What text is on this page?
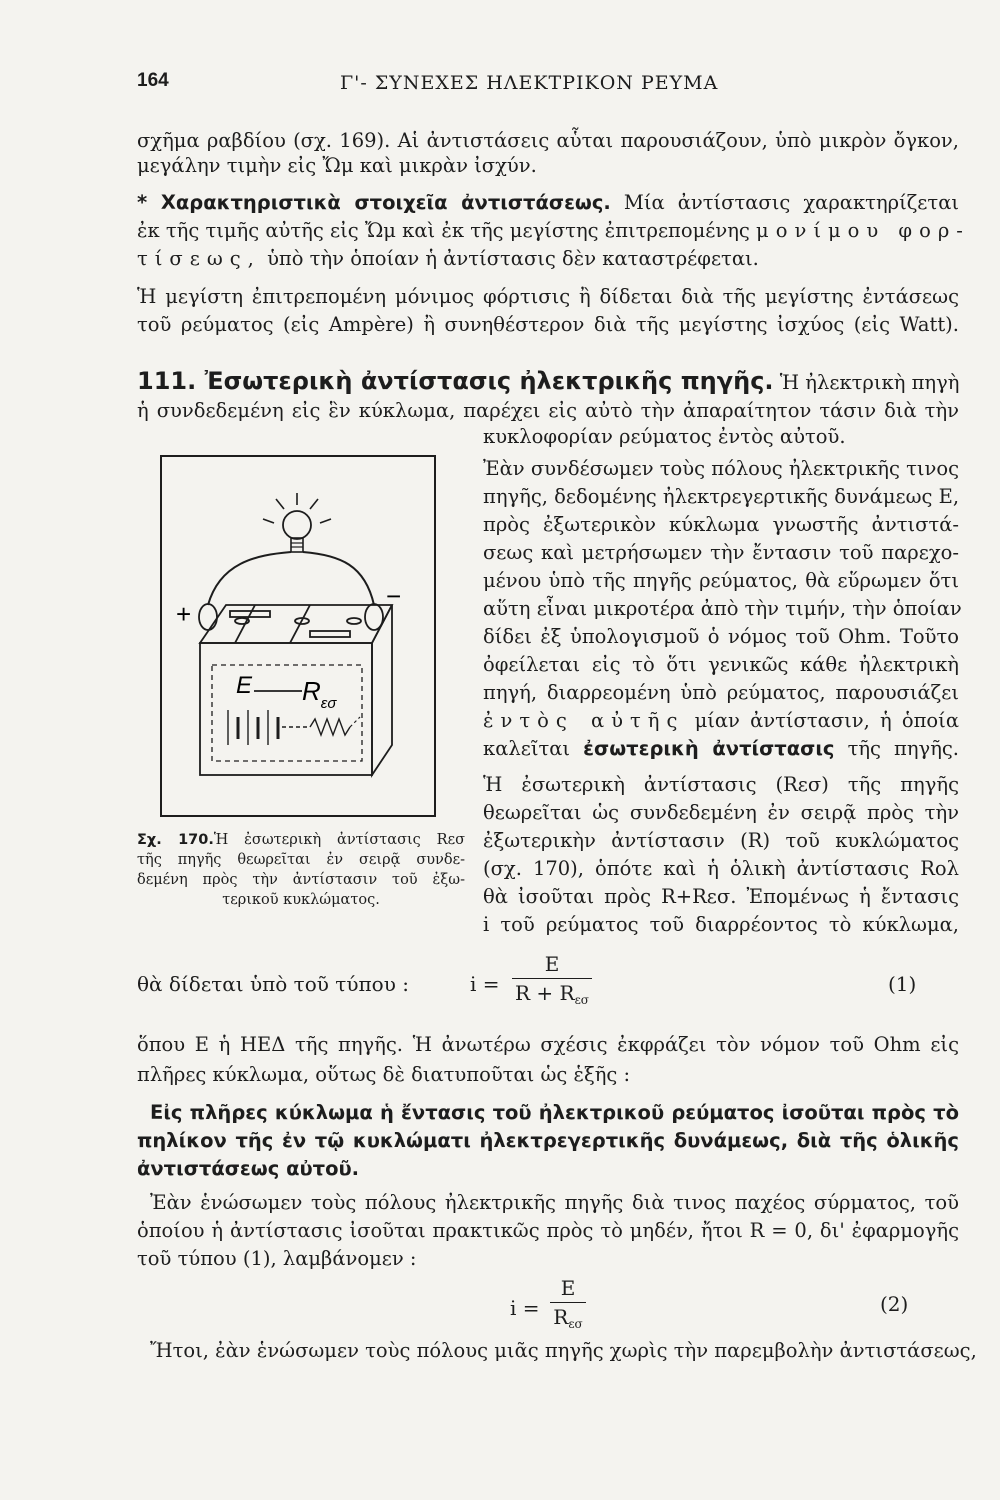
164	Γ'- ΣΥΝΕΧΕΣ ΗΛΕΚΤΡΙΚΟΝ ΡΕΥΜΑ
σχῆμα ραβδίου (σχ. 169). Αἱ ἀντιστάσεις αὗται παρουσιάζουν, ὑπὸ μικρὸν ὄγκον,
μεγάλην τιμὴν εἰς Ὤμ καὶ μικρὰν ἰσχύν.
* Χαρακτηριστικὰ στοιχεῖα ἀντιστάσεως. Μία ἀντίστασις χαρακτηρίζεται
ἐκ τῆς τιμῆς αὐτῆς εἰς Ὤμ καὶ ἐκ τῆς μεγίστης ἐπιτρεπομένης μονίμου φορ-
τίσεως, ὑπὸ τὴν ὁποίαν ἡ ἀντίστασις δὲν καταστρέφεται.
Ἡ μεγίστη ἐπιτρεπομένη μόνιμος φόρτισις ἢ δίδεται διὰ τῆς μεγίστης ἐντάσεως
τοῦ ρεύματος (εἰς Ampère) ἢ συνηθέστερον διὰ τῆς μεγίστης ἰσχύος (εἰς Watt).
111. Ἐσωτερικὴ ἀντίστασις ἠλεκτρικῆς πηγῆς. Ἡ ἠλεκτρικὴ πηγὴ
ἡ συνδεδεμένη εἰς ἓν κύκλωμα, παρέχει εἰς αὐτὸ τὴν ἀπαραίτητον τάσιν διὰ τὴν
κυκλοφορίαν ρεύματος ἐντὸς αὐτοῦ.
+
−
E $R_{\varepsilon\sigma}$
Σχ. 170.Ἡ ἐσωτερικὴ ἀντίστασις Rεσ
τῆς πηγῆς θεωρεῖται ἐν σειρᾷ συνδε-
δεμένη πρὸς τὴν ἀντίστασιν τοῦ ἐξω-
τερικοῦ κυκλώματος.
Ἐὰν συνδέσωμεν τοὺς πόλους ἠλεκτρικῆς τινος
πηγῆς, δεδομένης ἠλεκτρεγερτικῆς δυνάμεως Ε,
πρὸς ἐξωτερικὸν κύκλωμα γνωστῆς ἀντιστά-
σεως καὶ μετρήσωμεν τὴν ἔντασιν τοῦ παρεχο-
μένου ὑπὸ τῆς πηγῆς ρεύματος, θὰ εὕρωμεν ὅτι
αὕτη εἶναι μικροτέρα ἀπὸ τὴν τιμήν, τὴν ὁποίαν
δίδει ἐξ ὑπολογισμοῦ ὁ νόμος τοῦ Ohm. Τοῦτο
ὀφείλεται εἰς τὸ ὅτι γενικῶς κάθε ἠλεκτρικὴ
πηγή, διαρρεομένη ὑπὸ ρεύματος, παρουσιάζει
ἐντὸς αὐτῆς μίαν ἀντίστασιν, ἡ ὁποία
καλεῖται ἐσωτερικὴ ἀντίστασις τῆς πηγῆς.
Ἡ ἐσωτερικὴ ἀντίστασις (Rεσ) τῆς πηγῆς
θεωρεῖται ὡς συνδεδεμένη ἐν σειρᾷ πρὸς τὴν
ἐξωτερικὴν ἀντίστασιν (R) τοῦ κυκλώματος
(σχ. 170), ὁπότε καὶ ἡ ὁλικὴ ἀντίστασις Rολ
θὰ ἰσοῦται πρὸς R+Rεσ. Ἐπομένως ἡ ἔντασις
i τοῦ ρεύματος τοῦ διαρρέοντος τὸ κύκλωμα,
θὰ δίδεται ὑπὸ τοῦ τύπου :	i =
E
$R + R_{\varepsilon\sigma}$
(1)
ὅπου Ε ἡ ΗΕΔ τῆς πηγῆς. Ἡ ἀνωτέρω σχέσις ἐκφράζει τὸν νόμον τοῦ Ohm εἰς
πλῆρες κύκλωμα, οὕτως δὲ διατυποῦται ὡς ἑξῆς :
Εἰς πλῆρες κύκλωμα ἡ ἔντασις τοῦ ἠλεκτρικοῦ ρεύματος ἰσοῦται πρὸς τὸ
πηλίκον τῆς ἐν τῷ κυκλώματι ἠλεκτρεγερτικῆς δυνάμεως, διὰ τῆς ὁλικῆς
ἀντιστάσεως αὐτοῦ.
Ἐὰν ἑνώσωμεν τοὺς πόλους ἠλεκτρικῆς πηγῆς διὰ τινος παχέος σύρματος, τοῦ
ὁποίου ἡ ἀντίστασις ἰσοῦται πρακτικῶς πρὸς τὸ μηδέν, ἤτοι R = 0, δι' ἐφαρμογῆς
τοῦ τύπου (1), λαμβάνομεν :
i =
E
$R_{\varepsilon\sigma}$
(2)
Ἤτοι, ἐὰν ἑνώσωμεν τοὺς πόλους μιᾶς πηγῆς χωρὶς τὴν παρεμβολὴν ἀντιστάσεως,
